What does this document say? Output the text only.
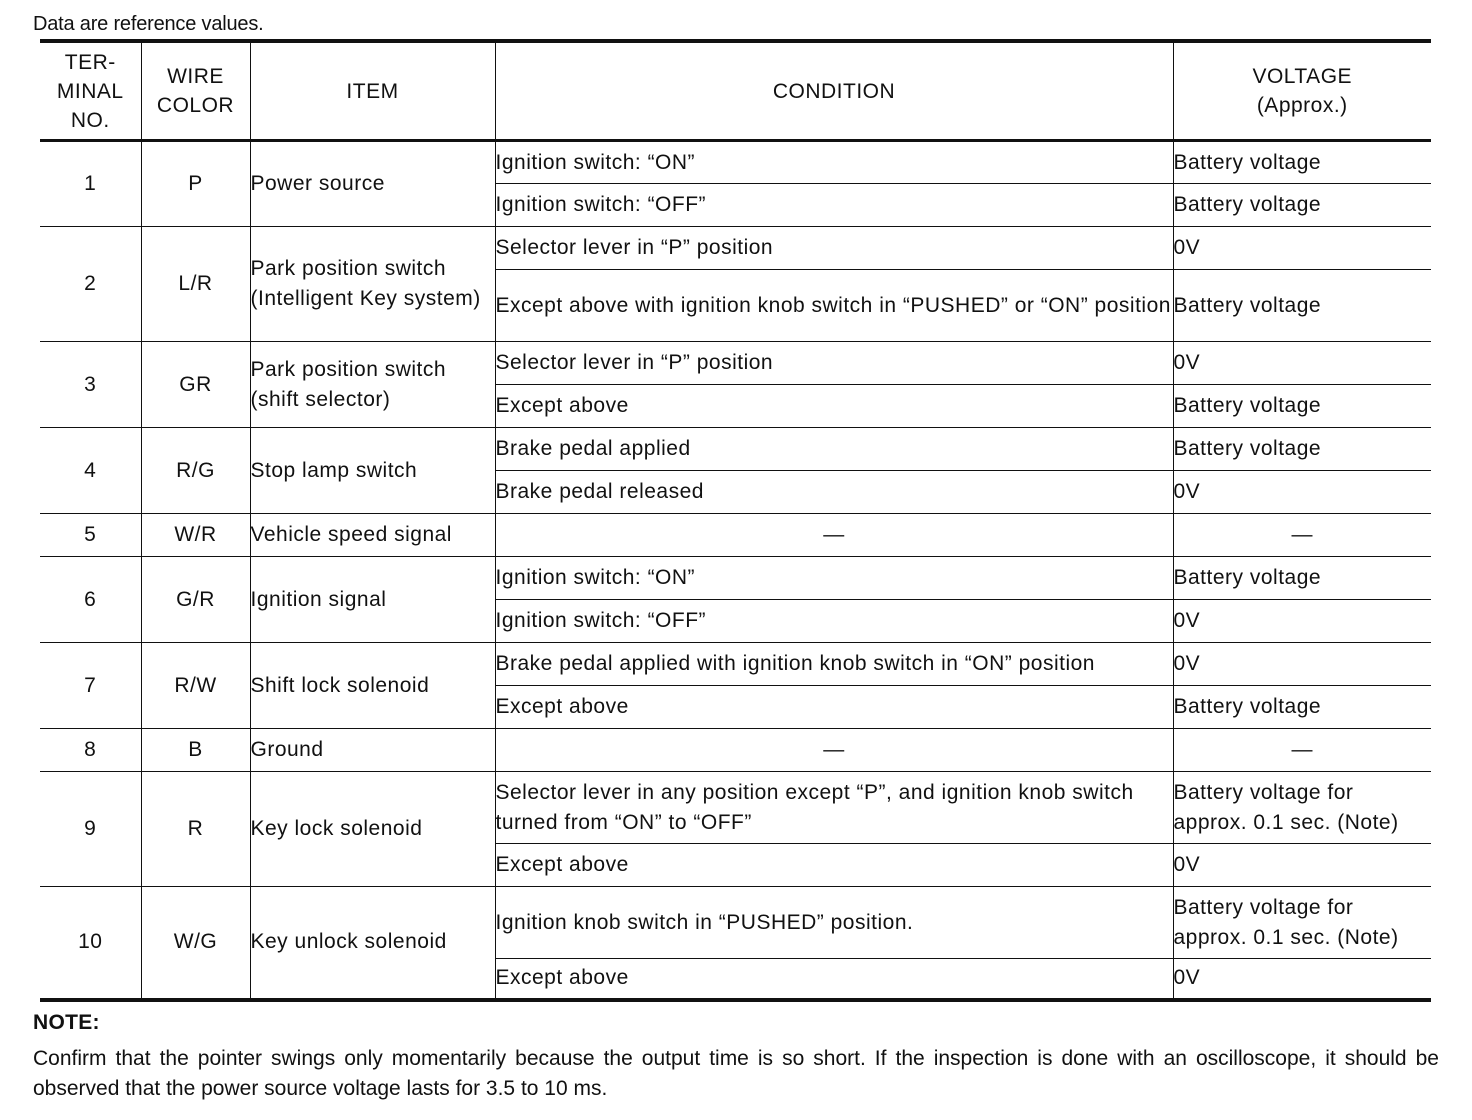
Data are reference values.
TER-
MINAL
NO.	WIRE
COLOR	ITEM	CONDITION	VOLTAGE
(Approx.)
1	P	Power source	Ignition switch: “ON”	Battery voltage
			Ignition switch: “OFF”	Battery voltage
2	L/R	Park position switch (Intelligent Key system)	Selector lever in “P” position	0V
			Except above with ignition knob switch in “PUSHED” or “ON” position	Battery voltage
3	GR	Park position switch (shift selector)	Selector lever in “P” position	0V
			Except above	Battery voltage
4	R/G	Stop lamp switch	Brake pedal applied	Battery voltage
			Brake pedal released	0V
5	W/R	Vehicle speed signal	—	—
6	G/R	Ignition signal	Ignition switch: “ON”	Battery voltage
			Ignition switch: “OFF”	0V
7	R/W	Shift lock solenoid	Brake pedal applied with ignition knob switch in “ON” position	0V
			Except above	Battery voltage
8	B	Ground	—	—
9	R	Key lock solenoid	Selector lever in any position except “P”, and ignition knob switch turned from “ON” to “OFF”	Battery voltage for approx. 0.1 sec. (Note)
			Except above	0V
10	W/G	Key unlock solenoid	Ignition knob switch in “PUSHED” position.	Battery voltage for approx. 0.1 sec. (Note)
			Except above	0V
NOTE:
Confirm that the pointer swings only momentarily because the output time is so short. If the inspection is done with an oscilloscope, it should be observed that the power source voltage lasts for 3.5 to 10 ms.
